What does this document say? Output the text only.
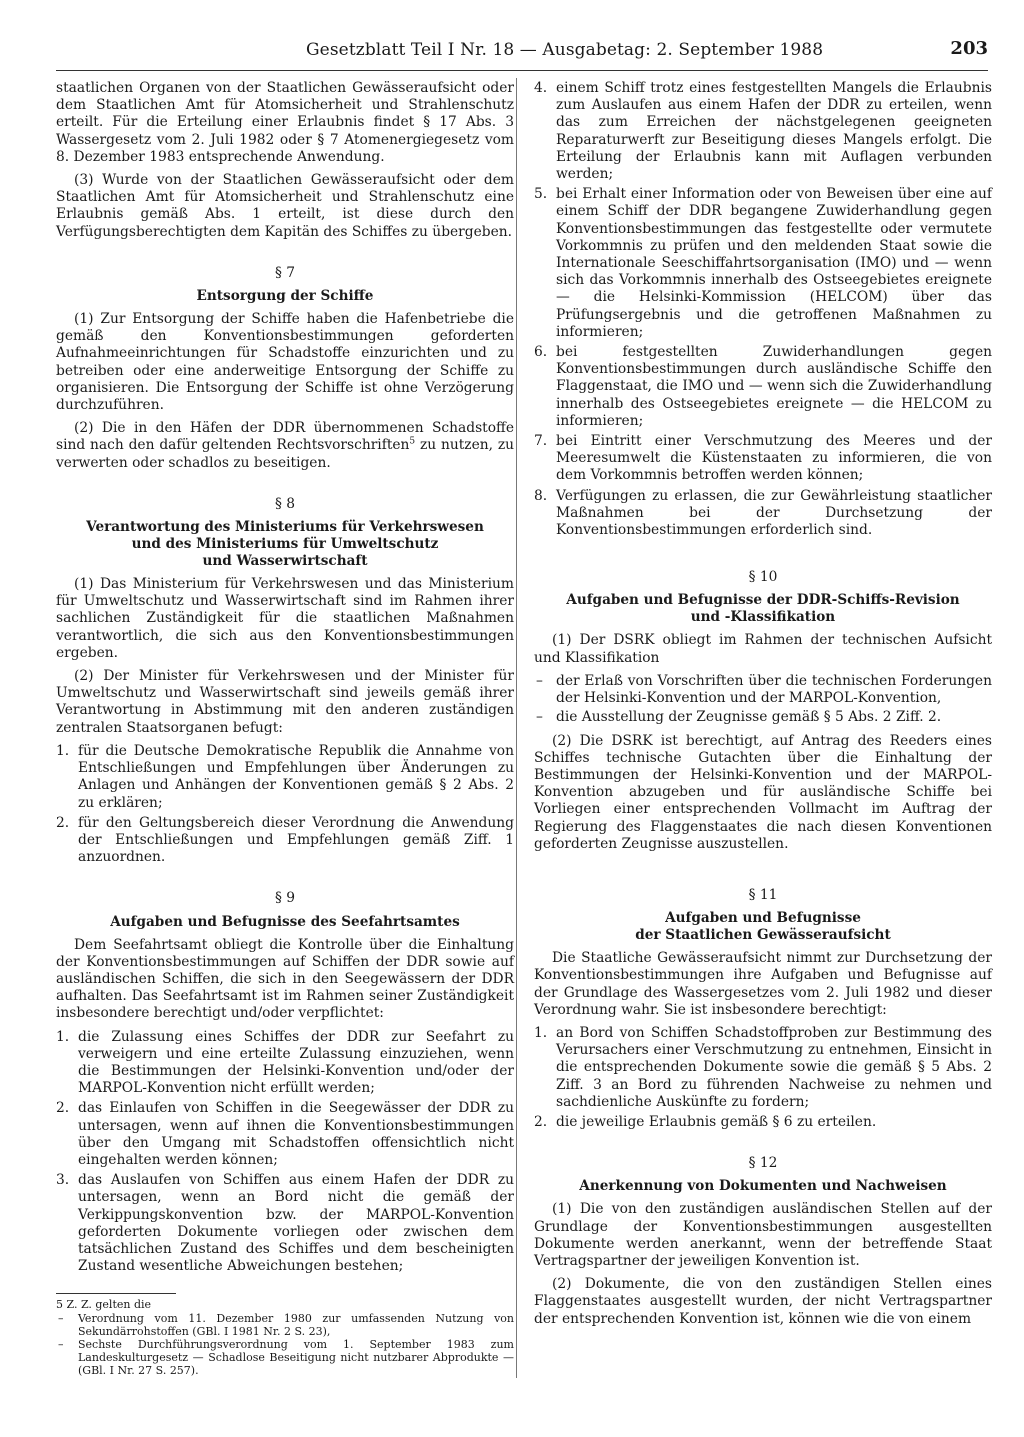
Gesetzblatt Teil I Nr. 18 — Ausgabetag: 2. September 1988	203

staatlichen Organen von der Staatlichen Gewässeraufsicht oder dem Staatlichen Amt für Atomsicherheit und Strahlenschutz erteilt. Für die Erteilung einer Erlaubnis findet § 17 Abs. 3 Wassergesetz vom 2. Juli 1982 oder § 7 Atomenergiegesetz vom 8. Dezember 1983 entsprechende Anwendung.

(3) Wurde von der Staatlichen Gewässeraufsicht oder dem Staatlichen Amt für Atomsicherheit und Strahlenschutz eine Erlaubnis gemäß Abs. 1 erteilt, ist diese durch den Verfügungsberechtigten dem Kapitän des Schiffes zu übergeben.

§ 7
Entsorgung der Schiffe

(1) Zur Entsorgung der Schiffe haben die Hafenbetriebe die gemäß den Konventionsbestimmungen geforderten Aufnahmeeinrichtungen für Schadstoffe einzurichten und zu betreiben oder eine anderweitige Entsorgung der Schiffe zu organisieren. Die Entsorgung der Schiffe ist ohne Verzögerung durchzuführen.

(2) Die in den Häfen der DDR übernommenen Schadstoffe sind nach den dafür geltenden Rechtsvorschriften$^5$ zu nutzen, zu verwerten oder schadlos zu beseitigen.

§ 8
Verantwortung des Ministeriums für Verkehrswesen
und des Ministeriums für Umweltschutz
und Wasserwirtschaft

(1) Das Ministerium für Verkehrswesen und das Ministerium für Umweltschutz und Wasserwirtschaft sind im Rahmen ihrer sachlichen Zuständigkeit für die staatlichen Maßnahmen verantwortlich, die sich aus den Konventionsbestimmungen ergeben.

(2) Der Minister für Verkehrswesen und der Minister für Umweltschutz und Wasserwirtschaft sind jeweils gemäß ihrer Verantwortung in Abstimmung mit den anderen zuständigen zentralen Staatsorganen befugt:

1. für die Deutsche Demokratische Republik die Annahme von Entschließungen und Empfehlungen über Änderungen zu Anlagen und Anhängen der Konventionen gemäß § 2 Abs. 2 zu erklären;
2. für den Geltungsbereich dieser Verordnung die Anwendung der Entschließungen und Empfehlungen gemäß Ziff. 1 anzuordnen.
§ 9
Aufgaben und Befugnisse des Seefahrtsamtes

Dem Seefahrtsamt obliegt die Kontrolle über die Einhaltung der Konventionsbestimmungen auf Schiffen der DDR sowie auf ausländischen Schiffen, die sich in den Seegewässern der DDR aufhalten. Das Seefahrtsamt ist im Rahmen seiner Zuständigkeit insbesondere berechtigt und/oder verpflichtet:

1. die Zulassung eines Schiffes der DDR zur Seefahrt zu verweigern und eine erteilte Zulassung einzuziehen, wenn die Bestimmungen der Helsinki-Konvention und/oder der MARPOL-Konvention nicht erfüllt werden;
2. das Einlaufen von Schiffen in die Seegewässer der DDR zu untersagen, wenn auf ihnen die Konventionsbestimmungen über den Umgang mit Schadstoffen offensichtlich nicht eingehalten werden können;
3. das Auslaufen von Schiffen aus einem Hafen der DDR zu untersagen, wenn an Bord nicht die gemäß der Verkippungskonvention bzw. der MARPOL-Konvention geforderten Dokumente vorliegen oder zwischen dem tatsächlichen Zustand des Schiffes und dem bescheinigten Zustand wesentliche Abweichungen bestehen;

5 Z. Z. gelten die

– Verordnung vom 11. Dezember 1980 zur umfassenden Nutzung von Sekundärrohstoffen (GBl. I 1981 Nr. 2 S. 23),
– Sechste Durchführungsverordnung vom 1. September 1983 zum Landeskulturgesetz — Schadlose Beseitigung nicht nutzbarer Abprodukte — (GBl. I Nr. 27 S. 257).
4. einem Schiff trotz eines festgestellten Mangels die Erlaubnis zum Auslaufen aus einem Hafen der DDR zu erteilen, wenn das zum Erreichen der nächstgelegenen geeigneten Reparaturwerft zur Beseitigung dieses Mangels erfolgt. Die Erteilung der Erlaubnis kann mit Auflagen verbunden werden;
5. bei Erhalt einer Information oder von Beweisen über eine auf einem Schiff der DDR begangene Zuwiderhandlung gegen Konventionsbestimmungen das festgestellte oder vermutete Vorkommnis zu prüfen und den meldenden Staat sowie die Internationale Seeschiffahrtsorganisation (IMO) und — wenn sich das Vorkommnis innerhalb des Ostseegebietes ereignete — die Helsinki-Kommission (HELCOM) über das Prüfungsergebnis und die getroffenen Maßnahmen zu informieren;
6. bei festgestellten Zuwiderhandlungen gegen Konventionsbestimmungen durch ausländische Schiffe den Flaggenstaat, die IMO und — wenn sich die Zuwiderhandlung innerhalb des Ostseegebietes ereignete — die HELCOM zu informieren;
7. bei Eintritt einer Verschmutzung des Meeres und der Meeresumwelt die Küstenstaaten zu informieren, die von dem Vorkommnis betroffen werden können;
8. Verfügungen zu erlassen, die zur Gewährleistung staatlicher Maßnahmen bei der Durchsetzung der Konventionsbestimmungen erforderlich sind.
§ 10
Aufgaben und Befugnisse der DDR-Schiffs-Revision
und -Klassifikation

(1) Der DSRK obliegt im Rahmen der technischen Aufsicht und Klassifikation

– der Erlaß von Vorschriften über die technischen Forderungen der Helsinki-Konvention und der MARPOL-Konvention,
– die Ausstellung der Zeugnisse gemäß § 5 Abs. 2 Ziff. 2.

(2) Die DSRK ist berechtigt, auf Antrag des Reeders eines Schiffes technische Gutachten über die Einhaltung der Bestimmungen der Helsinki-Konvention und der MARPOL-Konvention abzugeben und für ausländische Schiffe bei Vorliegen einer entsprechenden Vollmacht im Auftrag der Regierung des Flaggenstaates die nach diesen Konventionen geforderten Zeugnisse auszustellen.

§ 11
Aufgaben und Befugnisse
der Staatlichen Gewässeraufsicht

Die Staatliche Gewässeraufsicht nimmt zur Durchsetzung der Konventionsbestimmungen ihre Aufgaben und Befugnisse auf der Grundlage des Wassergesetzes vom 2. Juli 1982 und dieser Verordnung wahr. Sie ist insbesondere berechtigt:

1. an Bord von Schiffen Schadstoffproben zur Bestimmung des Verursachers einer Verschmutzung zu entnehmen, Einsicht in die entsprechenden Dokumente sowie die gemäß § 5 Abs. 2 Ziff. 3 an Bord zu führenden Nachweise zu nehmen und sachdienliche Auskünfte zu fordern;
2. die jeweilige Erlaubnis gemäß § 6 zu erteilen.
§ 12
Anerkennung von Dokumenten und Nachweisen

(1) Die von den zuständigen ausländischen Stellen auf der Grundlage der Konventionsbestimmungen ausgestellten Dokumente werden anerkannt, wenn der betreffende Staat Vertragspartner der jeweiligen Konvention ist.

(2) Dokumente, die von den zuständigen Stellen eines Flaggenstaates ausgestellt wurden, der nicht Vertragspartner der entsprechenden Konvention ist, können wie die von einem
